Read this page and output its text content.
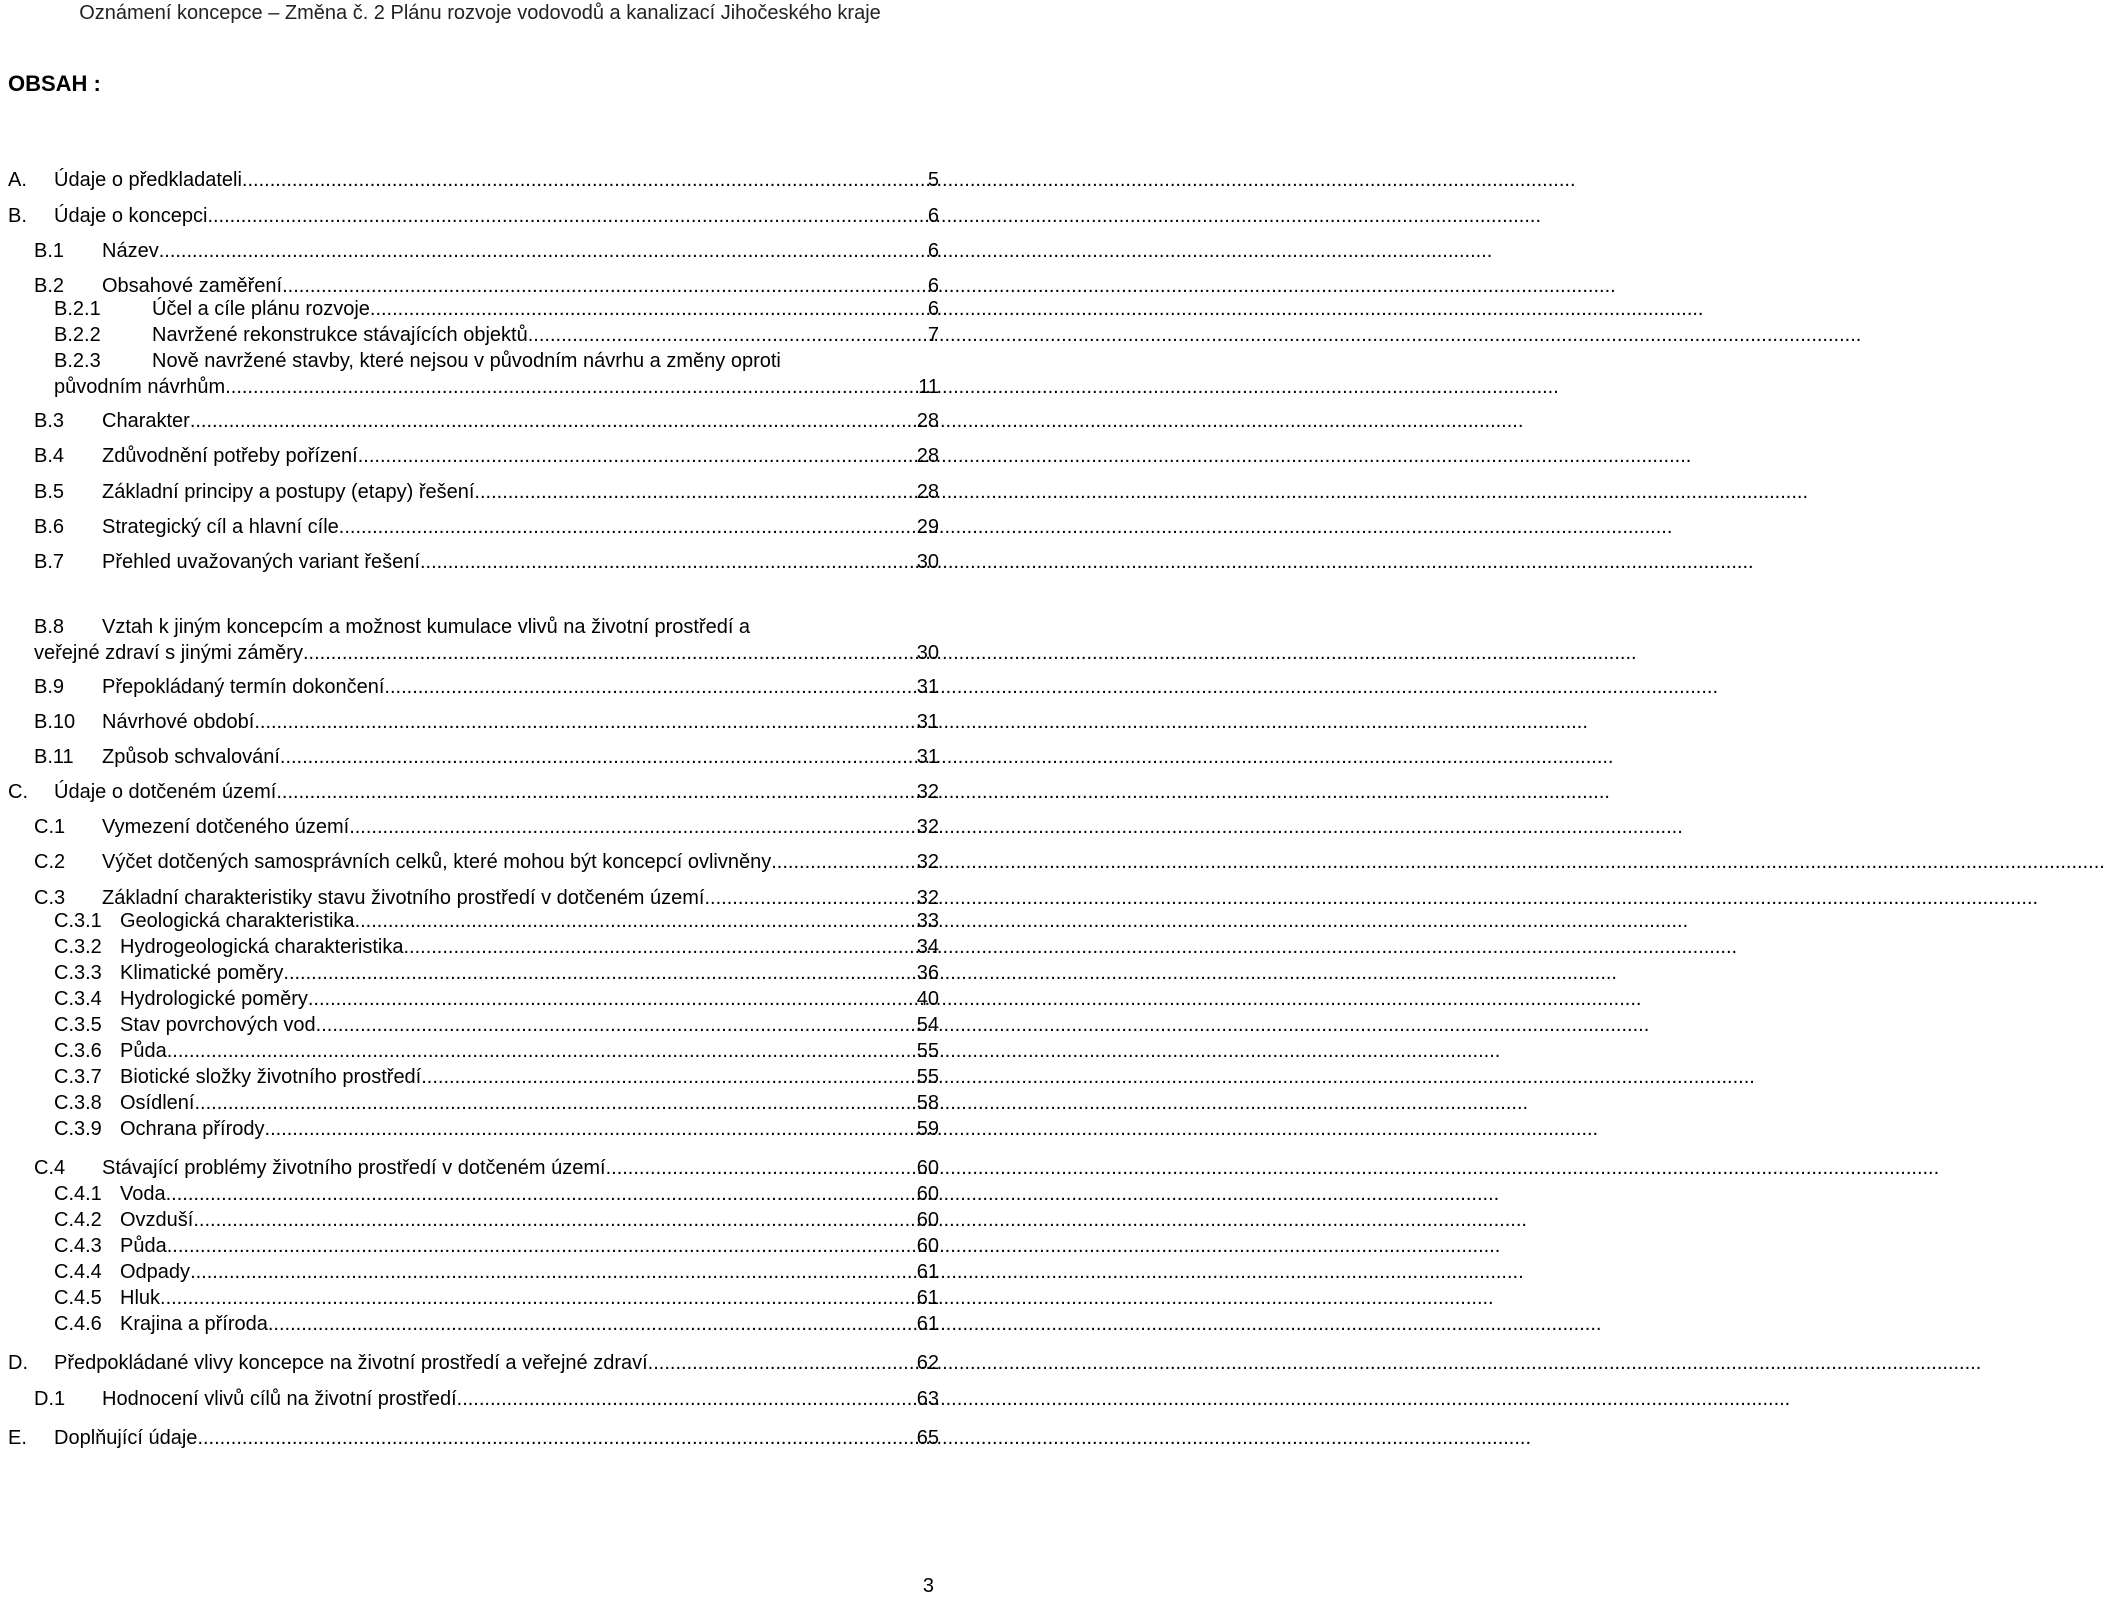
Oznámení koncepce – Změna č. 2 Plánu rozvoje vodovodů a kanalizací Jihočeského kraje
OBSAH :
A. Údaje o předkladateli .....	5
B. Údaje o koncepci .....	6
B.1 Název .....	6
B.2 Obsahové zaměření .....	6
B.2.1	Účel a cíle plánu rozvoje .....	6
B.2.2	Navržené rekonstrukce stávajících objektů .....	7
B.2.3	Nově navržené stavby, které nejsou v původním návrhu a změny oproti
původním návrhům .....	11
B.3 Charakter .....	28
B.4 Zdůvodnění potřeby pořízení .....	28
B.5 Základní principy a postupy (etapy) řešení .....	28
B.6 Strategický cíl a hlavní cíle .....	29
B.7 Přehled uvažovaných variant řešení .....	30
B.8 Vztah k jiným koncepcím a možnost kumulace vlivů na životní prostředí a
veřejné zdraví s jinými záměry .....	30
B.9 Přepokládaný termín dokončení .....	31
B.10 Návrhové období .....	31
B.11 Způsob schvalování .....	31
C. Údaje o dotčeném území .....	32
C.1 Vymezení dotčeného území .....	32
C.2 Výčet dotčených samosprávních celků, které mohou být koncepcí ovlivněny .....	32
C.3 Základní charakteristiky stavu životního prostředí v dotčeném území .....	32
C.3.1 Geologická charakteristika .....	33
C.3.2 Hydrogeologická charakteristika .....	34
C.3.3 Klimatické poměry .....	36
C.3.4 Hydrologické poměry .....	40
C.3.5 Stav povrchových vod .....	54
C.3.6 Půda .....	55
C.3.7 Biotické složky životního prostředí .....	55
C.3.8 Osídlení .....	58
C.3.9 Ochrana přírody .....	59
C.4 Stávající problémy životního prostředí v dotčeném území .....	60
C.4.1 Voda .....	60
C.4.2 Ovzduší .....	60
C.4.3 Půda .....	60
C.4.4 Odpady .....	61
C.4.5 Hluk .....	61
C.4.6 Krajina a příroda .....	61
D. Předpokládané vlivy koncepce na životní prostředí a veřejné zdraví .....	62
D.1 Hodnocení vlivů cílů na životní prostředí .....	63
E. Doplňující údaje .....	65
3
